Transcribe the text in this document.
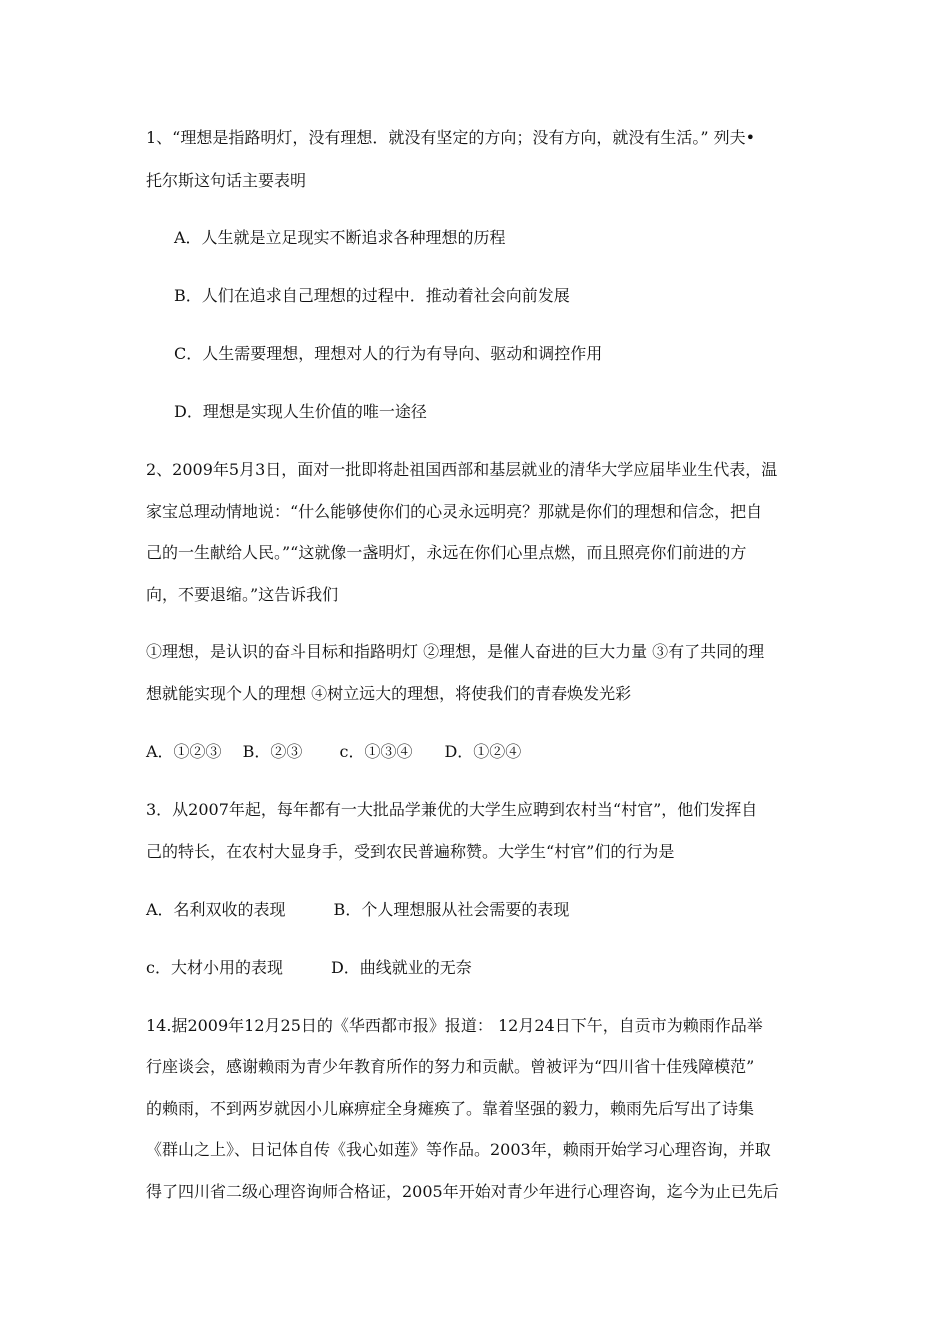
1、“理想是指路明灯，没有理想．就没有坚定的方向；没有方向，就没有生活。” 列夫•
托尔斯这句话主要表明
A．人生就是立足现实不断追求各种理想的历程
B．人们在追求自己理想的过程中．推动着社会向前发展
C．人生需要理想，理想对人的行为有导向、驱动和调控作用
D．理想是实现人生价值的唯一途径
2、2009年5月3日，面对一批即将赴祖国西部和基层就业的清华大学应届毕业生代表，温
家宝总理动情地说：“什么能够使你们的心灵永远明亮？那就是你们的理想和信念，把自
己的一生献给人民。”“这就像一盏明灯，永远在你们心里点燃，而且照亮你们前进的方
向，不要退缩。”这告诉我们
①理想，是认识的奋斗目标和指路明灯 ②理想，是催人奋进的巨大力量 ③有了共同的理
想就能实现个人的理想 ④树立远大的理想，将使我们的青春焕发光彩
A．①②③　 B．②③　　 c．①③④　　D．①②④
3．从2007年起，每年都有一大批品学兼优的大学生应聘到农村当“村官”，他们发挥自
己的特长，在农村大显身手，受到农民普遍称赞。大学生“村官”们的行为是
A．名利双收的表现　　　B．个人理想服从社会需要的表现
c．大材小用的表现　　　D．曲线就业的无奈
14.据2009年12月25日的《华西都市报》报道： 12月24日下午，自贡市为赖雨作品举
行座谈会，感谢赖雨为青少年教育所作的努力和贡献。曾被评为“四川省十佳残障模范”
的赖雨，不到两岁就因小儿麻痹症全身瘫痪了。靠着坚强的毅力，赖雨先后写出了诗集
《群山之上》、日记体自传《我心如莲》等作品。2003年，赖雨开始学习心理咨询，并取
得了四川省二级心理咨询师合格证，2005年开始对青少年进行心理咨询，迄今为止已先后
